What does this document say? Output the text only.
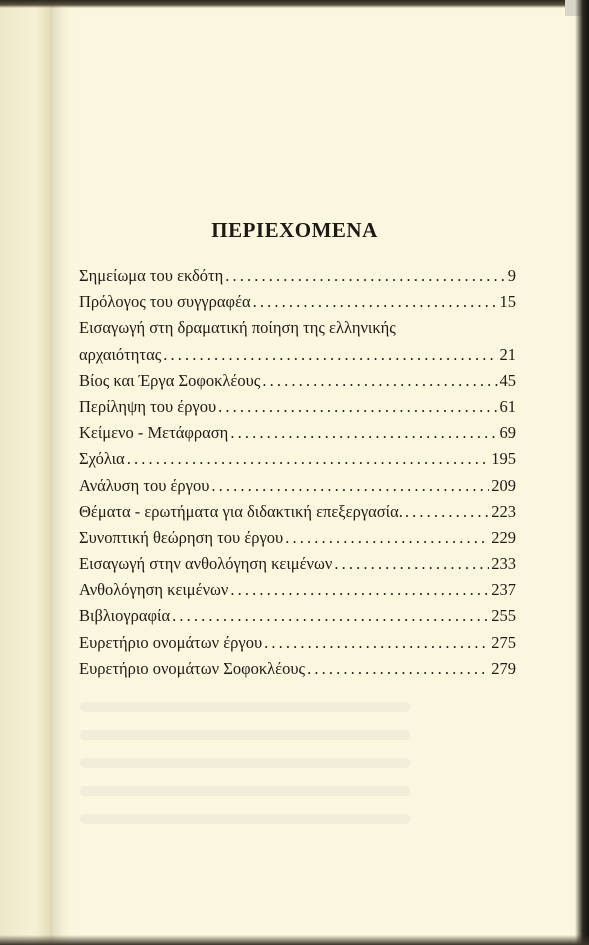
ΠΕΡΙΕΧΟΜΕΝΑ
Σημείωμα του εκδότη . . .	9
Πρόλογος του συγγραφέα . . .	15
Εισαγωγή στη δραματική ποίηση της ελληνικής
αρχαιότητας . . .	21
Βίος και Έργα Σοφοκλέους . . .	45
Περίληψη του έργου . . .	61
Κείμενο - Μετάφραση . . .	69
Σχόλια . . .	195
Ανάλυση του έργου . . .	209
Θέματα - ερωτήματα για διδακτική επεξεργασία. . . .	223
Συνοπτική θεώρηση του έργου . . .	229
Εισαγωγή στην ανθολόγηση κειμένων . . .	233
Ανθολόγηση κειμένων . . .	237
Βιβλιογραφία . . .	255
Ευρετήριο ονομάτων έργου . . .	275
Ευρετήριο ονομάτων Σοφοκλέους . . .	279
